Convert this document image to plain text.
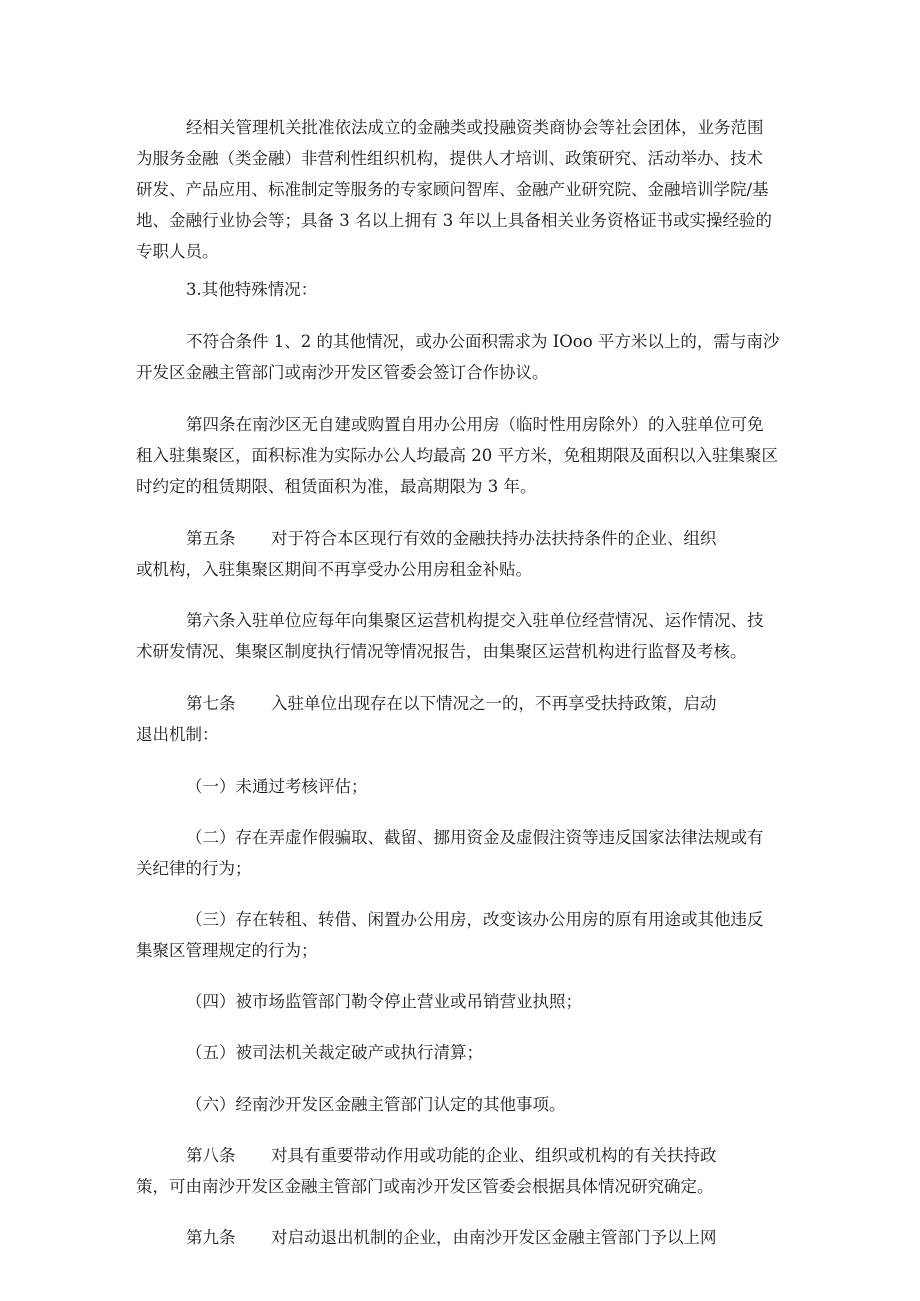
经相关管理机关批准依法成立的金融类或投融资类商协会等社会团体，业务范围
为服务金融（类金融）非营利性组织机构，提供人才培训、政策研究、活动举办、技术
研发、产品应用、标准制定等服务的专家顾问智库、金融产业研究院、金融培训学院/基
地、金融行业协会等；具备 3 名以上拥有 3 年以上具备相关业务资格证书或实操经验的
专职人员。

3.其他特殊情况：

不符合条件 1、2 的其他情况，或办公面积需求为 IOoo 平方米以上的，需与南沙
开发区金融主管部门或南沙开发区管委会签订合作协议。

第四条在南沙区无自建或购置自用办公用房（临时性用房除外）的入驻单位可免
租入驻集聚区，面积标准为实际办公人均最高 20 平方米，免租期限及面积以入驻集聚区
时约定的租赁期限、租赁面积为准，最高期限为 3 年。

第五条 对于符合本区现行有效的金融扶持办法扶持条件的企业、组织
或机构，入驻集聚区期间不再享受办公用房租金补贴。

第六条入驻单位应每年向集聚区运营机构提交入驻单位经营情况、运作情况、技
术研发情况、集聚区制度执行情况等情况报告，由集聚区运营机构进行监督及考核。

第七条 入驻单位出现存在以下情况之一的，不再享受扶持政策，启动
退出机制：

（一）未通过考核评估；

（二）存在弄虚作假骗取、截留、挪用资金及虚假注资等违反国家法律法规或有
关纪律的行为；

（三）存在转租、转借、闲置办公用房，改变该办公用房的原有用途或其他违反
集聚区管理规定的行为；

（四）被市场监管部门勒令停止营业或吊销营业执照；

（五）被司法机关裁定破产或执行清算；

（六）经南沙开发区金融主管部门认定的其他事项。

第八条 对具有重要带动作用或功能的企业、组织或机构的有关扶持政
策，可由南沙开发区金融主管部门或南沙开发区管委会根据具体情况研究确定。

第九条 对启动退出机制的企业，由南沙开发区金融主管部门予以上网
